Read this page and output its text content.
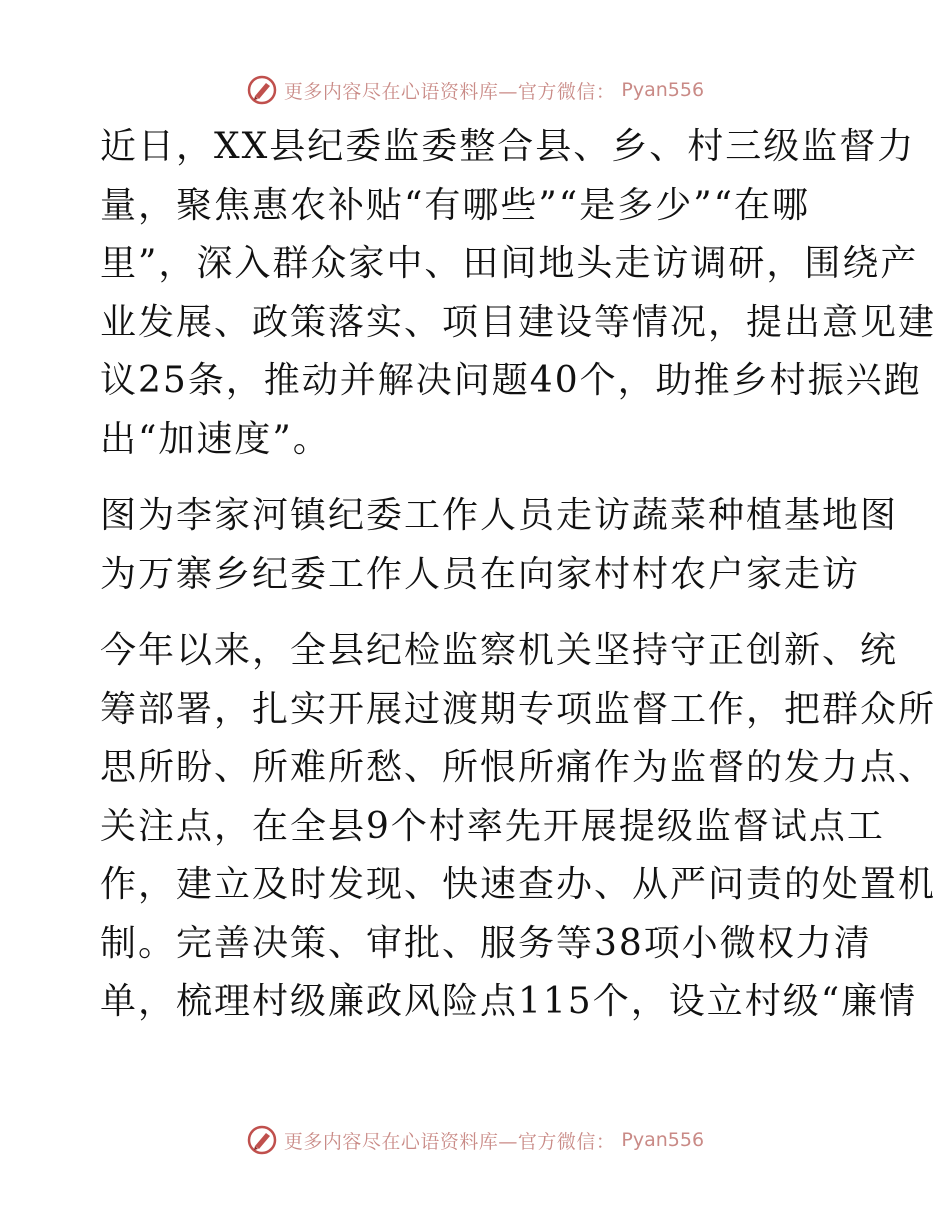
更多内容尽在心语资料库—官方微信： Pyan556
近日，XX县纪委监委整合县、乡、村三级监督力
量，聚焦惠农补贴“有哪些”“是多少”“在哪
里”，深入群众家中、田间地头走访调研，围绕产
业发展、政策落实、项目建设等情况，提出意见建
议25条，推动并解决问题40个，助推乡村振兴跑
出“加速度”。
图为李家河镇纪委工作人员走访蔬菜种植基地图
为万寨乡纪委工作人员在向家村村农户家走访
今年以来，全县纪检监察机关坚持守正创新、统
筹部署，扎实开展过渡期专项监督工作，把群众所
思所盼、所难所愁、所恨所痛作为监督的发力点、
关注点，在全县9个村率先开展提级监督试点工
作，建立及时发现、快速查办、从严问责的处置机
制。完善决策、审批、服务等38项小微权力清
单，梳理村级廉政风险点115个，设立村级“廉情
更多内容尽在心语资料库—官方微信： Pyan556
